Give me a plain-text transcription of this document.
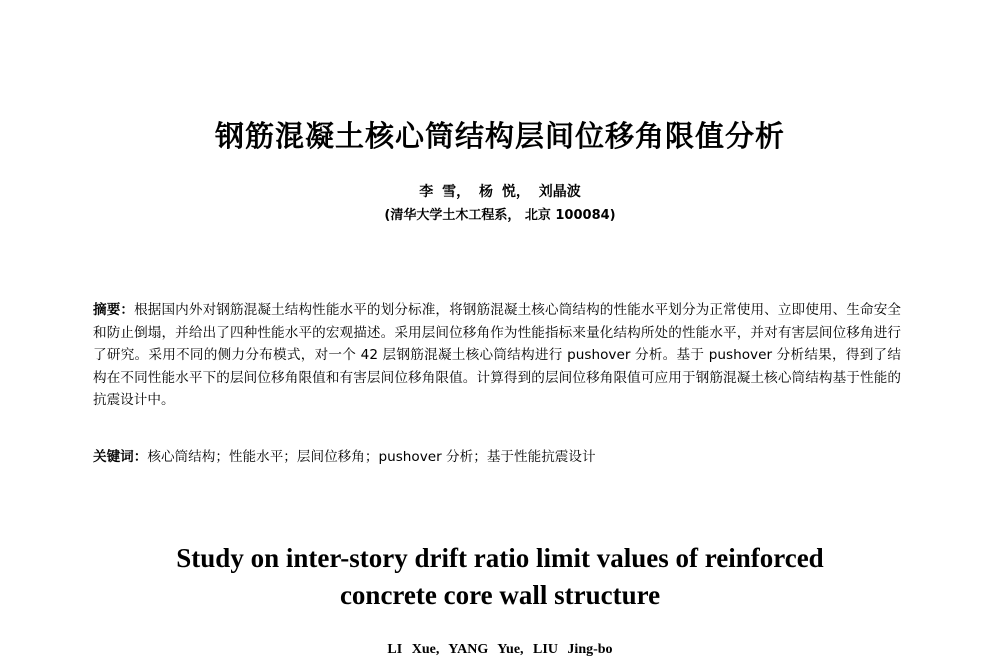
钢筋混凝土核心筒结构层间位移角限值分析
李 雪， 杨 悦， 刘晶波
(清华大学土木工程系， 北京 100084)
摘要：根据国内外对钢筋混凝土结构性能水平的划分标准，将钢筋混凝土核心筒结构的性能水平划分为正常使用、立即使用、生命安全和防止倒塌，并给出了四种性能水平的宏观描述。采用层间位移角作为性能指标来量化结构所处的性能水平，并对有害层间位移角进行了研究。采用不同的侧力分布模式，对一个 42 层钢筋混凝土核心筒结构进行 pushover 分析。基于 pushover 分析结果，得到了结构在不同性能水平下的层间位移角限值和有害层间位移角限值。计算得到的层间位移角限值可应用于钢筋混凝土核心筒结构基于性能的抗震设计中。
关键词：核心筒结构；性能水平；层间位移角；pushover 分析；基于性能抗震设计
Study on inter-story drift ratio limit values of reinforced
concrete core wall structure
LI Xue, YANG Yue, LIU Jing-bo
